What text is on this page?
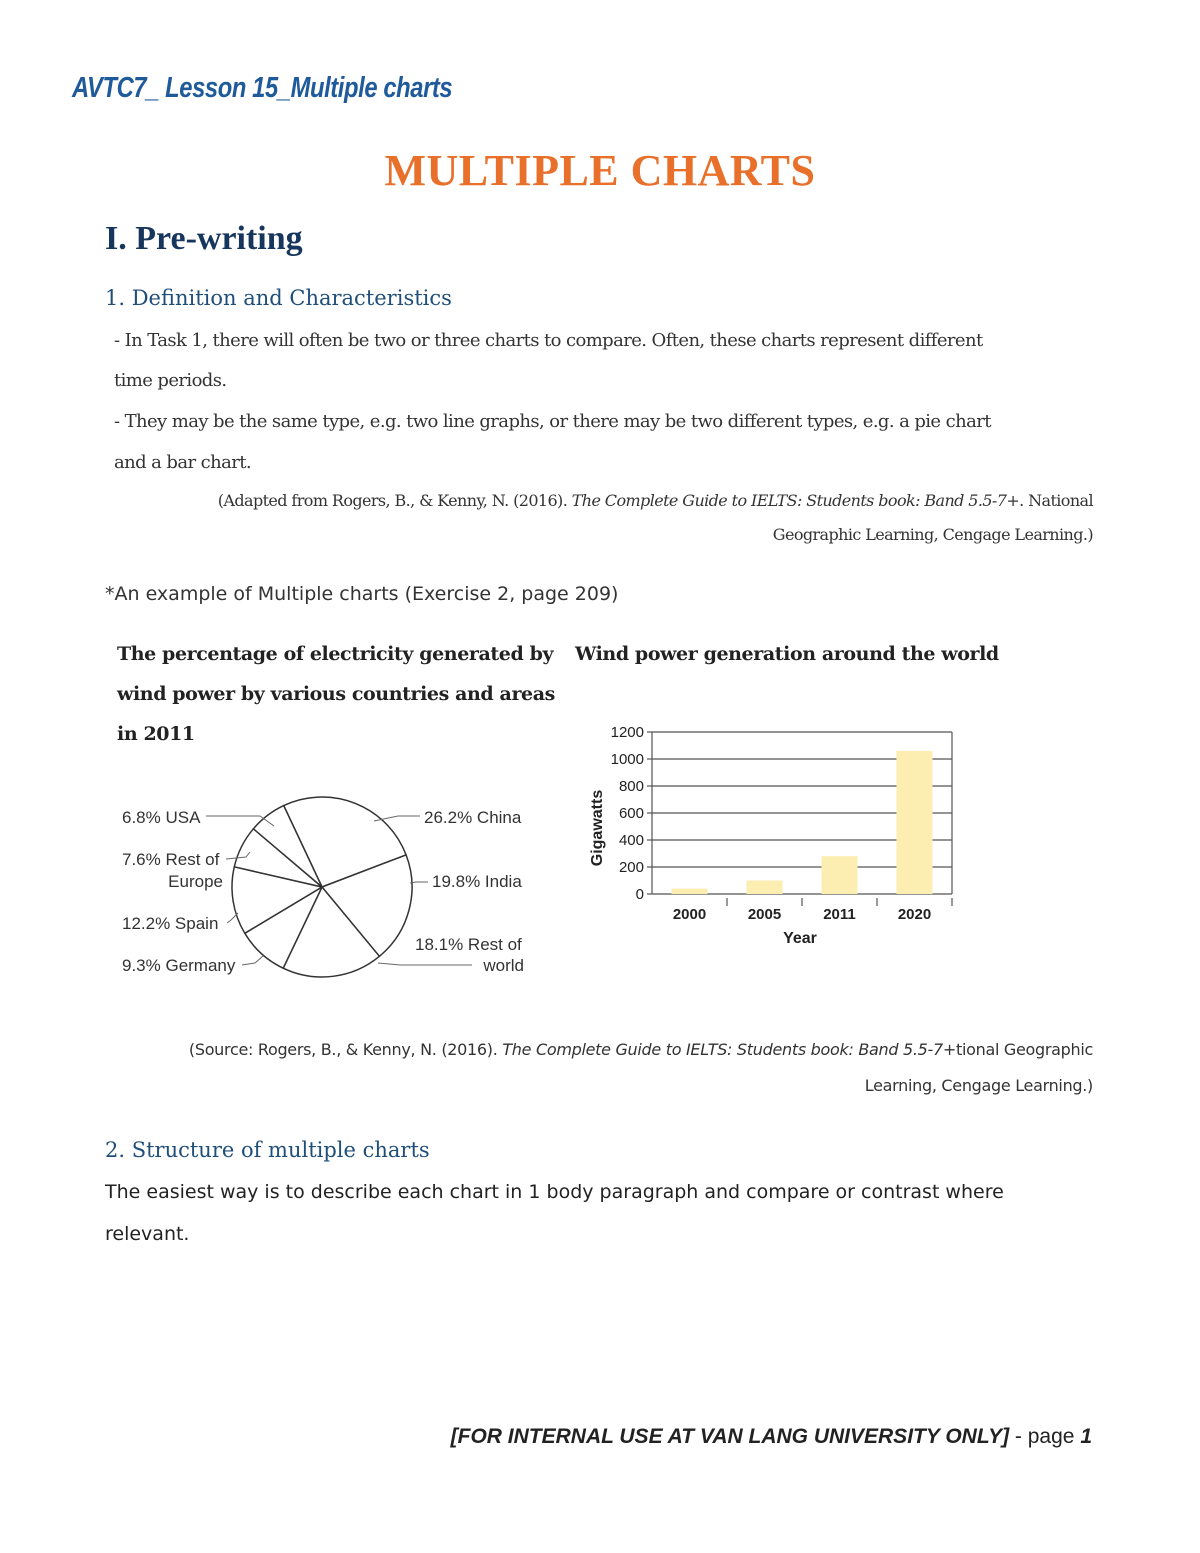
AVTC7_ Lesson 15_Multiple charts
MULTIPLE CHARTS
I. Pre-writing
1. Definition and Characteristics
- In Task 1, there will often be two or three charts to compare. Often, these charts represent different
time periods.
- They may be the same type, e.g. two line graphs, or there may be two different types, e.g. a pie chart
and a bar chart.
(Adapted from Rogers, B., & Kenny, N. (2016). The Complete Guide to IELTS: Students book: Band 5.5-7+. National
Geographic Learning, Cengage Learning.)
*An example of Multiple charts (Exercise 2, page 209)
The percentage of electricity generated by
wind power by various countries and areas
in 2011
Wind power generation around the world
6.8% USA
7.6% Rest of
Europe
12.2% Spain
9.3% Germany
26.2% China
19.8% India
18.1% Rest of
world
0
200
400
600
800
1000
1200
2000	2005	2011	2020
Gigawatts
Year
(Source: Rogers, B., & Kenny, N. (2016). The Complete Guide to IELTS: Students book: Band 5.5-7+tional Geographic
Learning, Cengage Learning.)
2. Structure of multiple charts
The easiest way is to describe each chart in 1 body paragraph and compare or contrast where
relevant.
[FOR INTERNAL USE AT VAN LANG UNIVERSITY ONLY] - page 1
